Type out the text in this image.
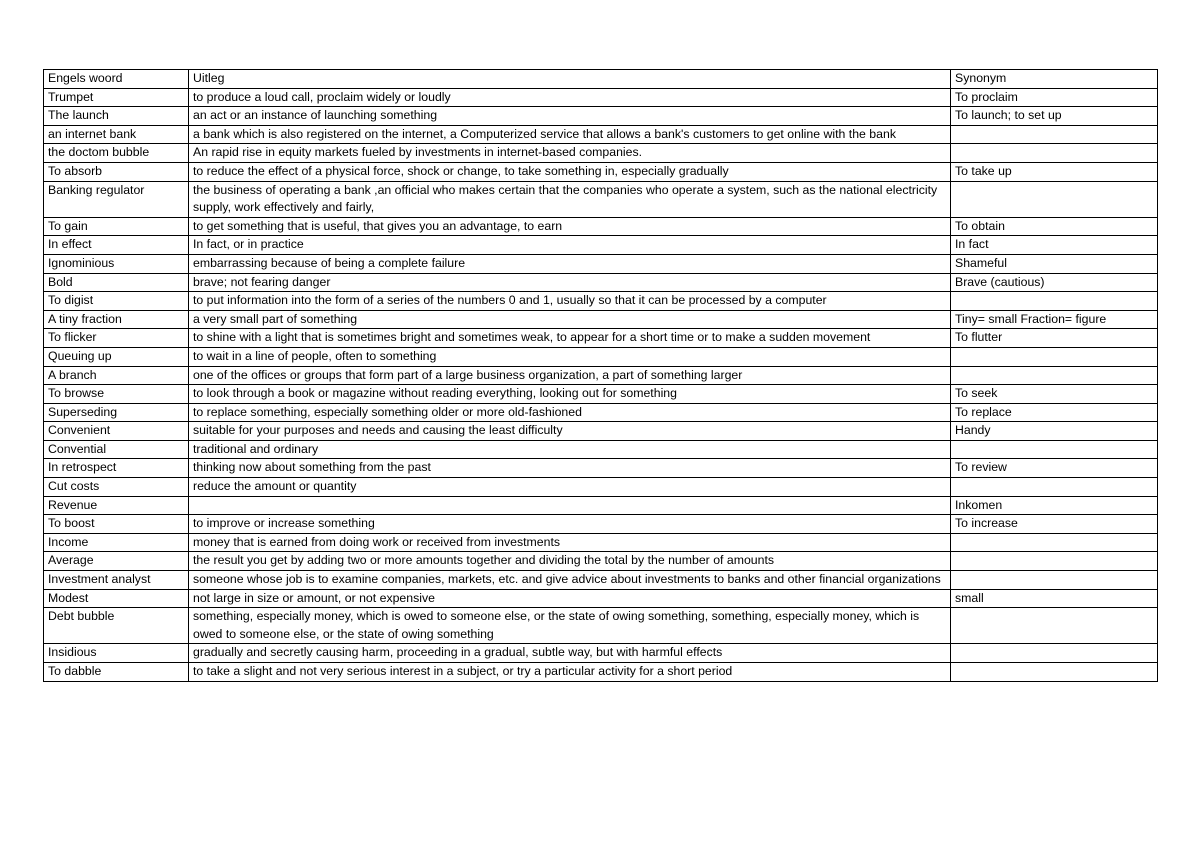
Engels woord	Uitleg	Synonym
Trumpet	to produce a loud call, proclaim widely or loudly	To proclaim
The launch	an act or an instance of launching something	To launch; to set up
an internet bank	a bank which is also registered on the internet, a Computerized service that allows a bank's customers to get online with the bank	
the doctom bubble	An rapid rise in equity markets fueled by investments in internet-based companies.	
To absorb	to reduce the effect of a physical force, shock or change, to take something in, especially gradually	To take up
Banking regulator	the business of operating a bank ,an official who makes certain that the companies who operate a system, such as the national electricity supply, work effectively and fairly,	
To gain	to get something that is useful, that gives you an advantage, to earn	To obtain
In effect	In fact, or in practice	In fact
Ignominious	embarrassing because of being a complete failure	Shameful
Bold	brave; not fearing danger	Brave (cautious)
To digist	to put information into the form of a series of the numbers 0 and 1, usually so that it can be processed by a computer	
A tiny fraction	a very small part of something	Tiny= small Fraction= figure
To flicker	to shine with a light that is sometimes bright and sometimes weak, to appear for a short time or to make a sudden movement	To flutter
Queuing up	to wait in a line of people, often to something	
A branch	one of the offices or groups that form part of a large business organization, a part of something larger	
To browse	to look through a book or magazine without reading everything, looking out for something	To seek
Superseding	to replace something, especially something older or more old-fashioned	To replace
Convenient	suitable for your purposes and needs and causing the least difficulty	Handy
Convential	traditional and ordinary	
In retrospect	thinking now about something from the past	To review
Cut costs	reduce the amount or quantity	
Revenue		Inkomen
To boost	to improve or increase something	To increase
Income	money that is earned from doing work or received from investments	
Average	the result you get by adding two or more amounts together and dividing the total by the number of amounts	
Investment analyst	someone whose job is to examine companies, markets, etc. and give advice about investments to banks and other financial organizations	
Modest	not large in size or amount, or not expensive	small
Debt bubble	something, especially money, which is owed to someone else, or the state of owing something, something, especially money, which is owed to someone else, or the state of owing something	
Insidious	gradually and secretly causing harm, proceeding in a gradual, subtle way, but with harmful effects	
To dabble	to take a slight and not very serious interest in a subject, or try a particular activity for a short period	
